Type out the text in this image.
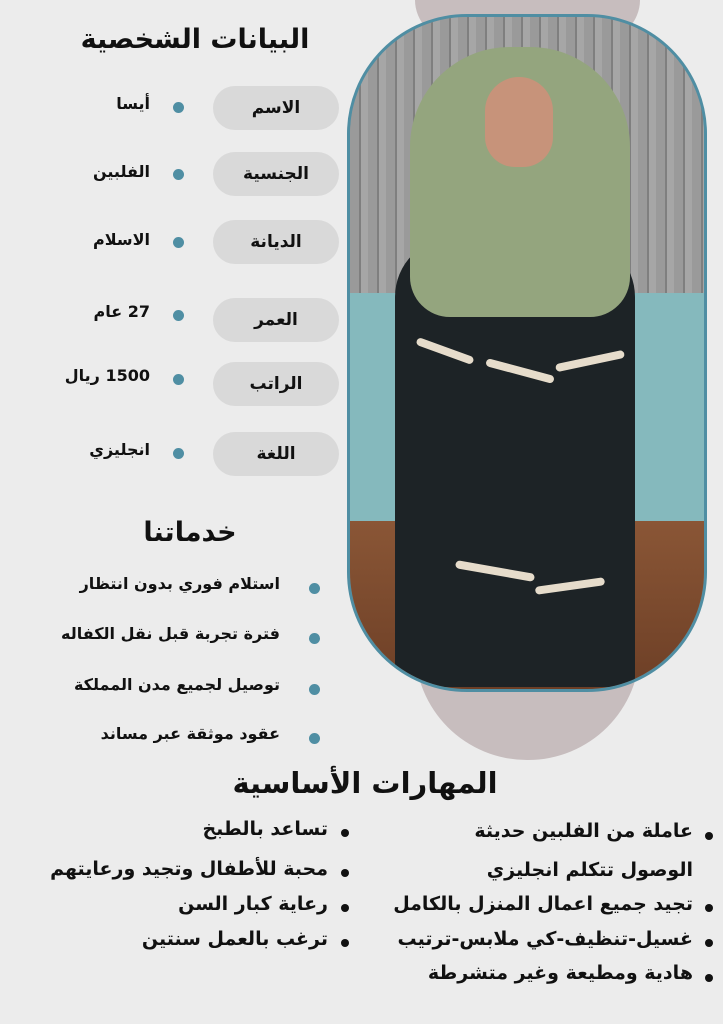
البيانات الشخصية
الاسم
أيسا
الجنسية
الفلبين
الديانة
الاسلام
العمر
27 عام
الراتب
1500 ريال
اللغة
انجليزي
خدماتنا
استلام فوري بدون انتظار
فترة تجربة قبل نقل الكفاله
توصيل لجميع مدن المملكة
عقود موثقة عبر مساند
المهارات الأساسية
عاملة من الفلبين حديثة
الوصول تتكلم انجليزي
تجيد جميع اعمال المنزل بالكامل
غسيل-تنظيف-كي ملابس-ترتيب
هادية ومطيعة وغير متشرطة
تساعد بالطبخ
محبة للأطفال وتجيد ورعايتهم
رعاية كبار السن
ترغب بالعمل سنتين
